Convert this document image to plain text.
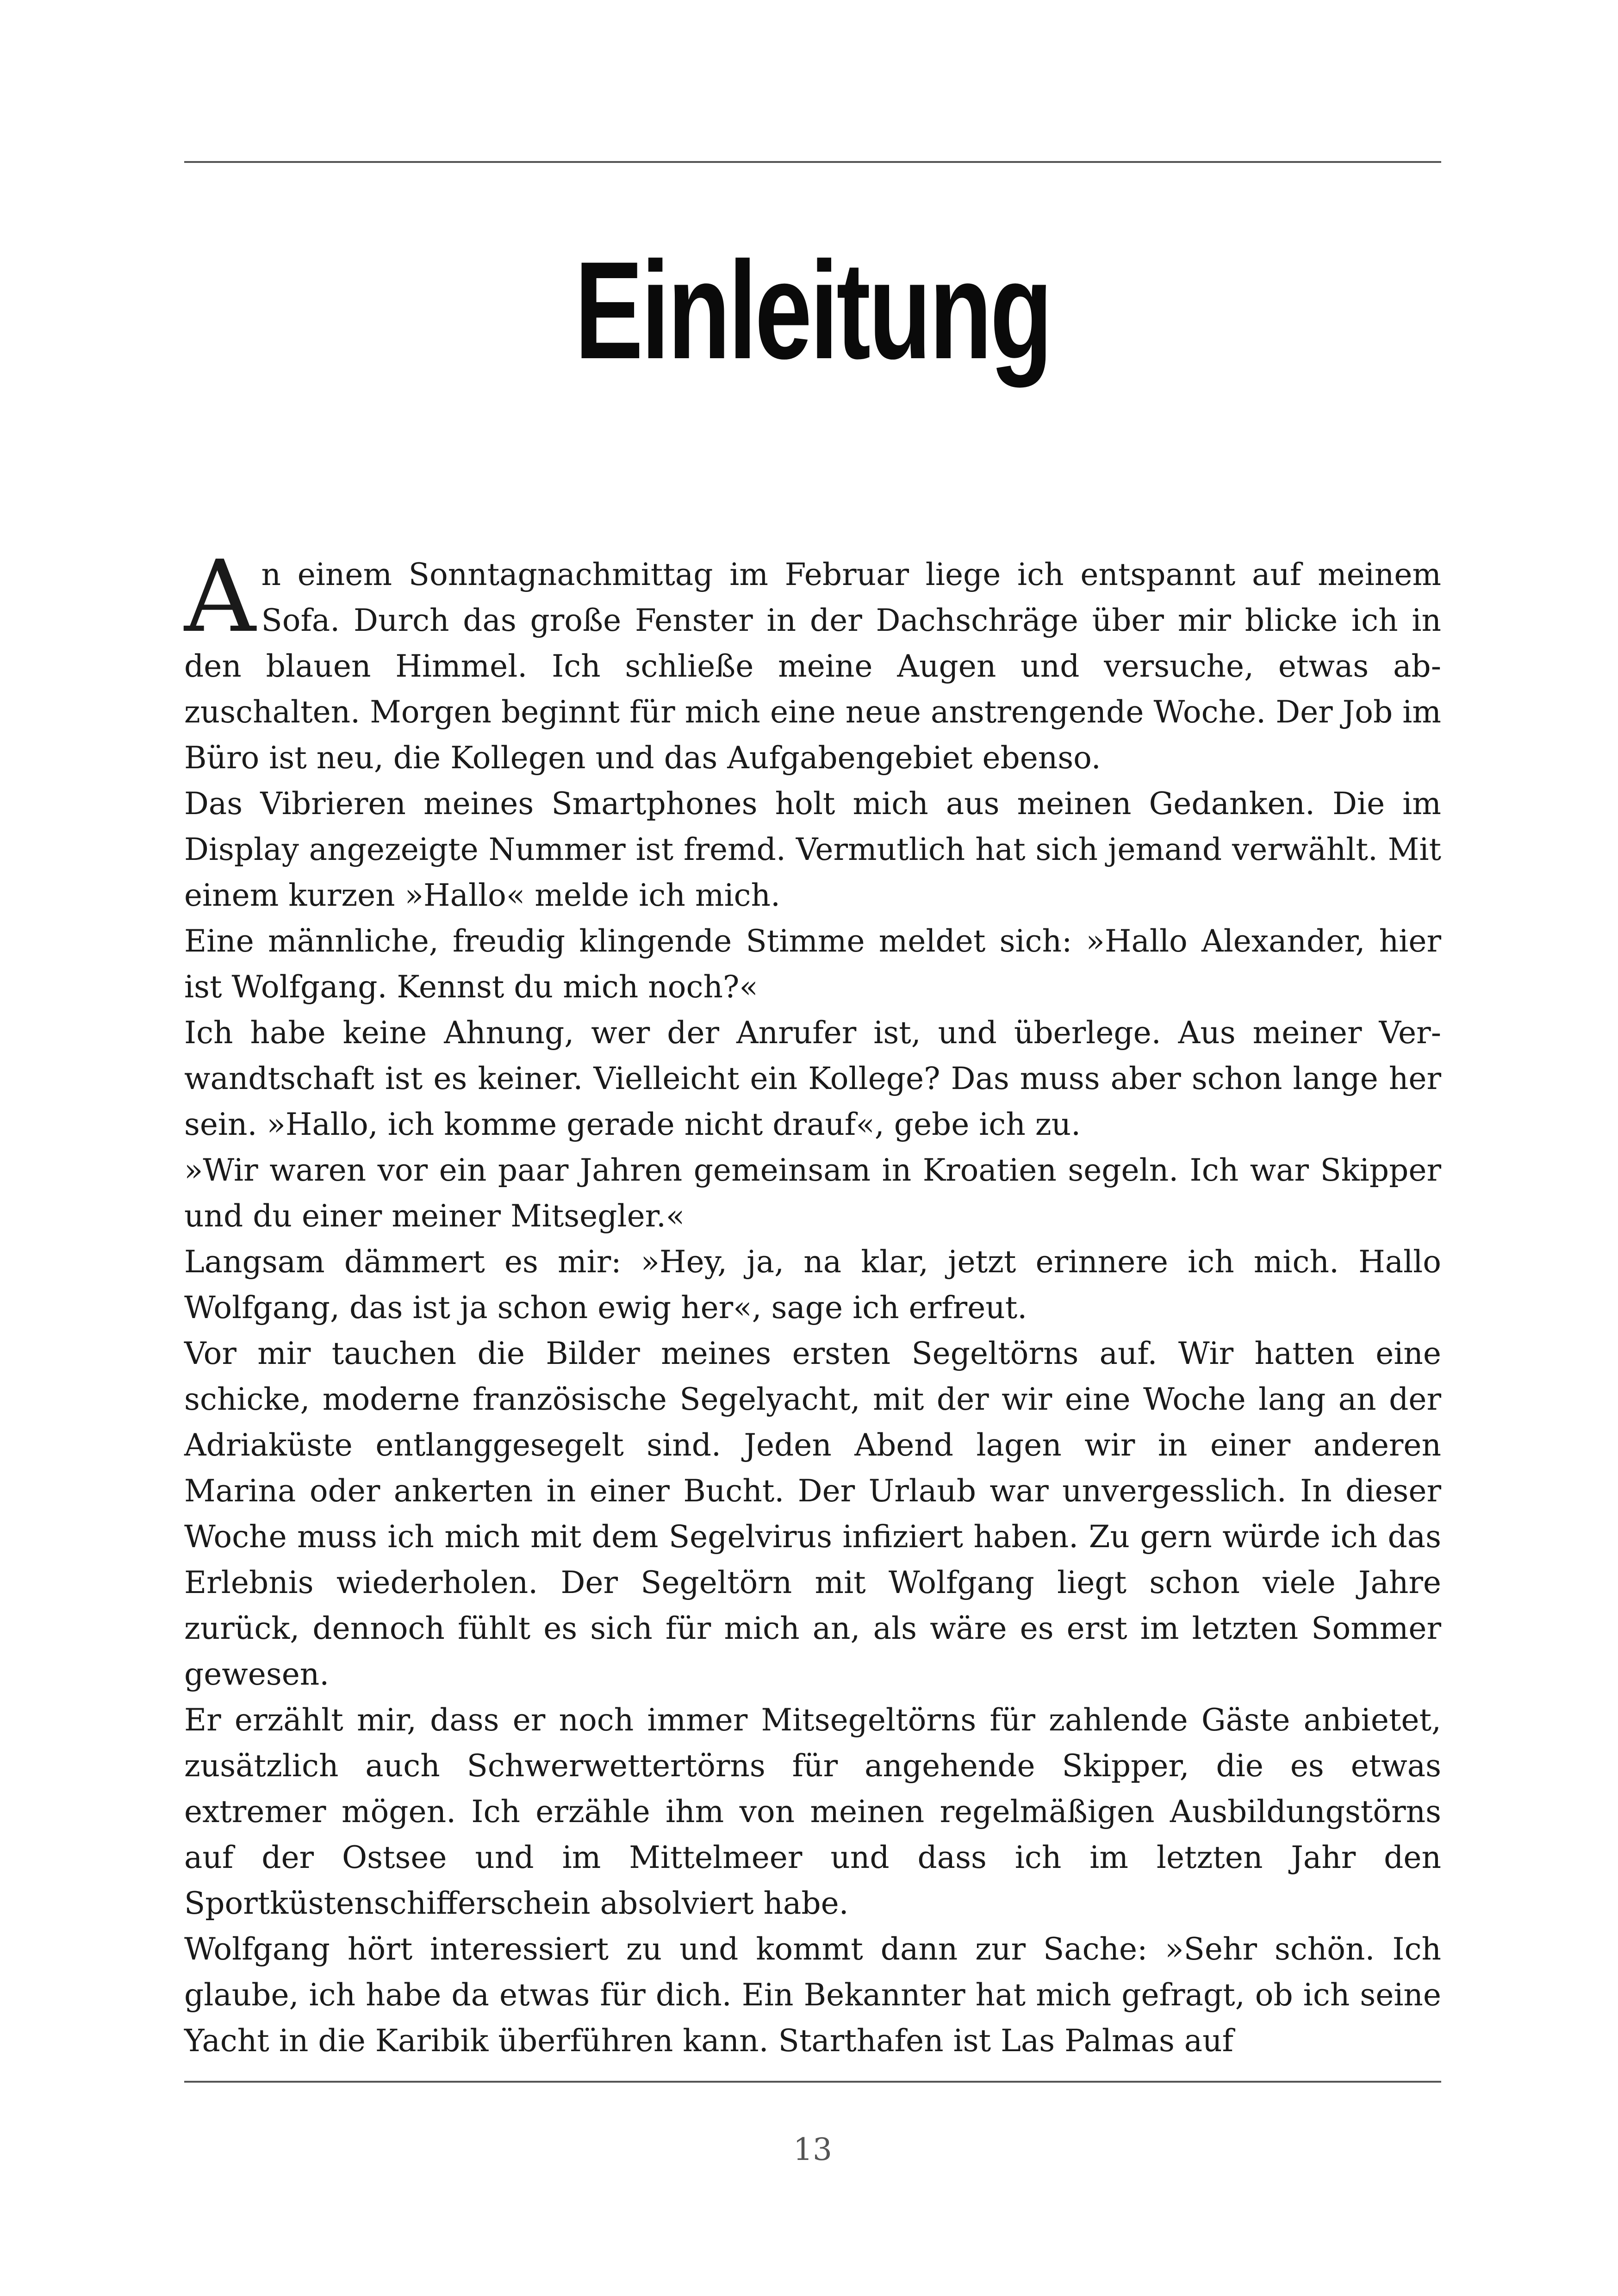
Einleitung

An einem Sonntagnachmittag im Februar liege ich entspannt auf meinem Sofa. Durch das große Fenster in der Dachschräge über mir blicke ich in den blauen Himmel. Ich schließe meine Augen und versuche, etwas abzuschalten. Morgen beginnt für mich eine neue anstrengende Woche. Der Job im Büro ist neu, die Kollegen und das Aufgabengebiet ebenso.

Das Vibrieren meines Smartphones holt mich aus meinen Gedanken. Die im Display angezeigte Nummer ist fremd. Vermutlich hat sich jemand verwählt. Mit einem kurzen »Hallo« melde ich mich.

Eine männliche, freudig klingende Stimme meldet sich: »Hallo Alexander, hier ist Wolfgang. Kennst du mich noch?«

Ich habe keine Ahnung, wer der Anrufer ist, und überlege. Aus meiner Verwandtschaft ist es keiner. Vielleicht ein Kollege? Das muss aber schon lange her sein. »Hallo, ich komme gerade nicht drauf«, gebe ich zu.

»Wir waren vor ein paar Jahren gemeinsam in Kroatien segeln. Ich war Skipper und du einer meiner Mitsegler.«

Langsam dämmert es mir: »Hey, ja, na klar, jetzt erinnere ich mich. Hallo Wolfgang, das ist ja schon ewig her«, sage ich erfreut.

Vor mir tauchen die Bilder meines ersten Segeltörns auf. Wir hatten eine schicke, moderne französische Segelyacht, mit der wir eine Woche lang an der Adriaküste entlanggesegelt sind. Jeden Abend lagen wir in einer anderen Marina oder ankerten in einer Bucht. Der Urlaub war unvergesslich. In dieser Woche muss ich mich mit dem Segelvirus infiziert haben. Zu gern würde ich das Erlebnis wiederholen. Der Segeltörn mit Wolfgang liegt schon viele Jahre zurück, dennoch fühlt es sich für mich an, als wäre es erst im letzten Sommer gewesen.

Er erzählt mir, dass er noch immer Mitsegeltörns für zahlende Gäste anbietet, zusätzlich auch Schwerwettertörns für angehende Skipper, die es etwas extremer mögen. Ich erzähle ihm von meinen regelmäßigen Ausbildungstörns auf der Ostsee und im Mittelmeer und dass ich im letzten Jahr den Sportküstenschifferschein absolviert habe.

Wolfgang hört interessiert zu und kommt dann zur Sache: »Sehr schön. Ich glaube, ich habe da etwas für dich. Ein Bekannter hat mich gefragt, ob ich seine Yacht in die Karibik überführen kann. Starthafen ist Las Palmas auf

13
